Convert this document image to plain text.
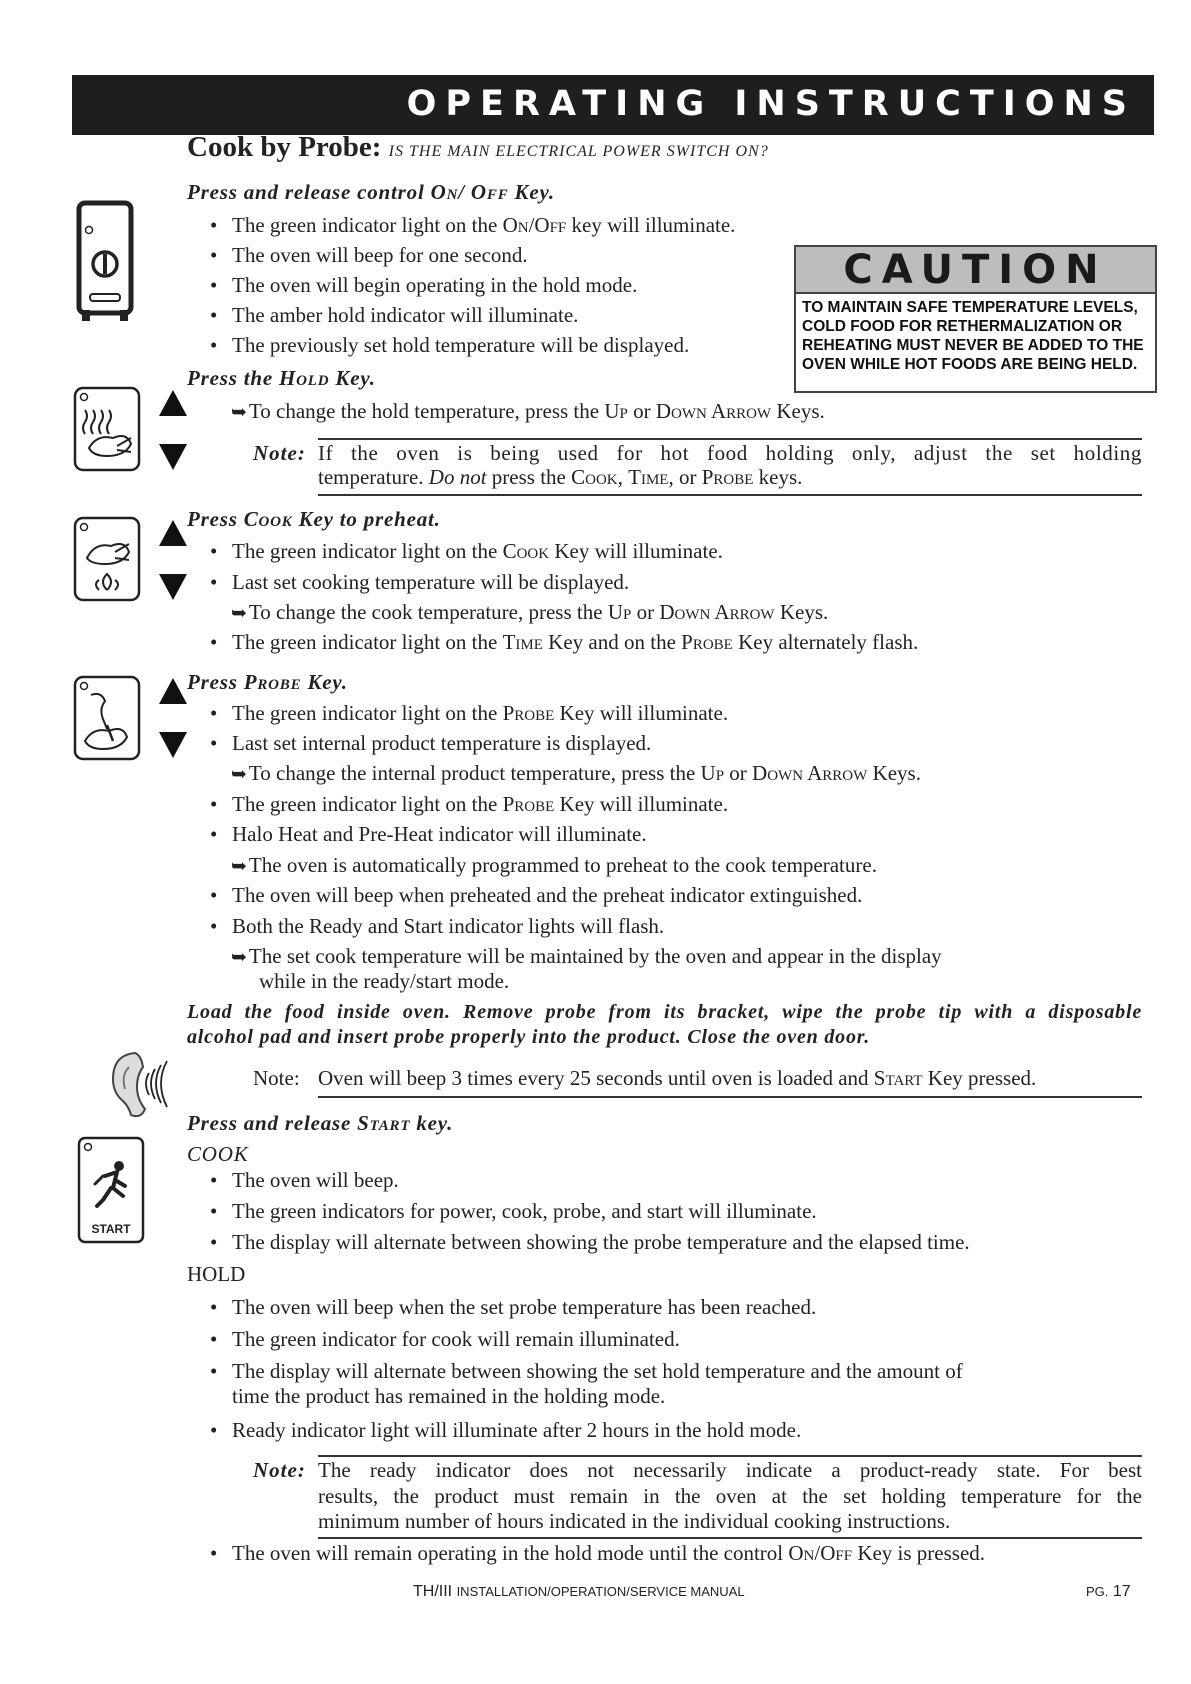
OPERATING INSTRUCTIONS
Cook by Probe: IS THE MAIN ELECTRICAL POWER SWITCH ON?
Press and release control On/ Off Key.
• The green indicator light on the On/Off key will illuminate.
• The oven will beep for one second.
• The oven will begin operating in the hold mode.
• The amber hold indicator will illuminate.
• The previously set hold temperature will be displayed.
CAUTION
TO MAINTAIN SAFE TEMPERATURE LEVELS, COLD FOOD FOR RETHERMALIZATION OR REHEATING MUST NEVER BE ADDED TO THE OVEN WHILE HOT FOODS ARE BEING HELD.
Press the Hold Key.
➥To change the hold temperature, press the Up or Down Arrow Keys.
Note: If the oven is being used for hot food holding only, adjust the set holding
temperature. Do not press the Cook, Time, or Probe keys.
Press Cook Key to preheat.
• The green indicator light on the Cook Key will illuminate.
• Last set cooking temperature will be displayed.
➥To change the cook temperature, press the Up or Down Arrow Keys.
• The green indicator light on the Time Key and on the Probe Key alternately flash.
Press Probe Key.
• The green indicator light on the Probe Key will illuminate.
• Last set internal product temperature is displayed.
➥To change the internal product temperature, press the Up or Down Arrow Keys.
• The green indicator light on the Probe Key will illuminate.
• Halo Heat and Pre-Heat indicator will illuminate.
➥The oven is automatically programmed to preheat to the cook temperature.
• The oven will beep when preheated and the preheat indicator extinguished.
• Both the Ready and Start indicator lights will flash.
➥The set cook temperature will be maintained by the oven and appear in the display
while in the ready/start mode.
Load the food inside oven. Remove probe from its bracket, wipe the probe tip with a disposable
alcohol pad and insert probe properly into the product. Close the oven door.
Note: Oven will beep 3 times every 25 seconds until oven is loaded and Start Key pressed.
Press and release Start key.
START
COOK
• The oven will beep.
• The green indicators for power, cook, probe, and start will illuminate.
• The display will alternate between showing the probe temperature and the elapsed time.
HOLD
• The oven will beep when the set probe temperature has been reached.
• The green indicator for cook will remain illuminated.
• The display will alternate between showing the set hold temperature and the amount of
time the product has remained in the holding mode.
• Ready indicator light will illuminate after 2 hours in the hold mode.
Note: The ready indicator does not necessarily indicate a product-ready state. For best
results, the product must remain in the oven at the set holding temperature for the
minimum number of hours indicated in the individual cooking instructions.
• The oven will remain operating in the hold mode until the control On/Off Key is pressed.
TH/III INSTALLATION/OPERATION/SERVICE MANUAL	PG. 17
